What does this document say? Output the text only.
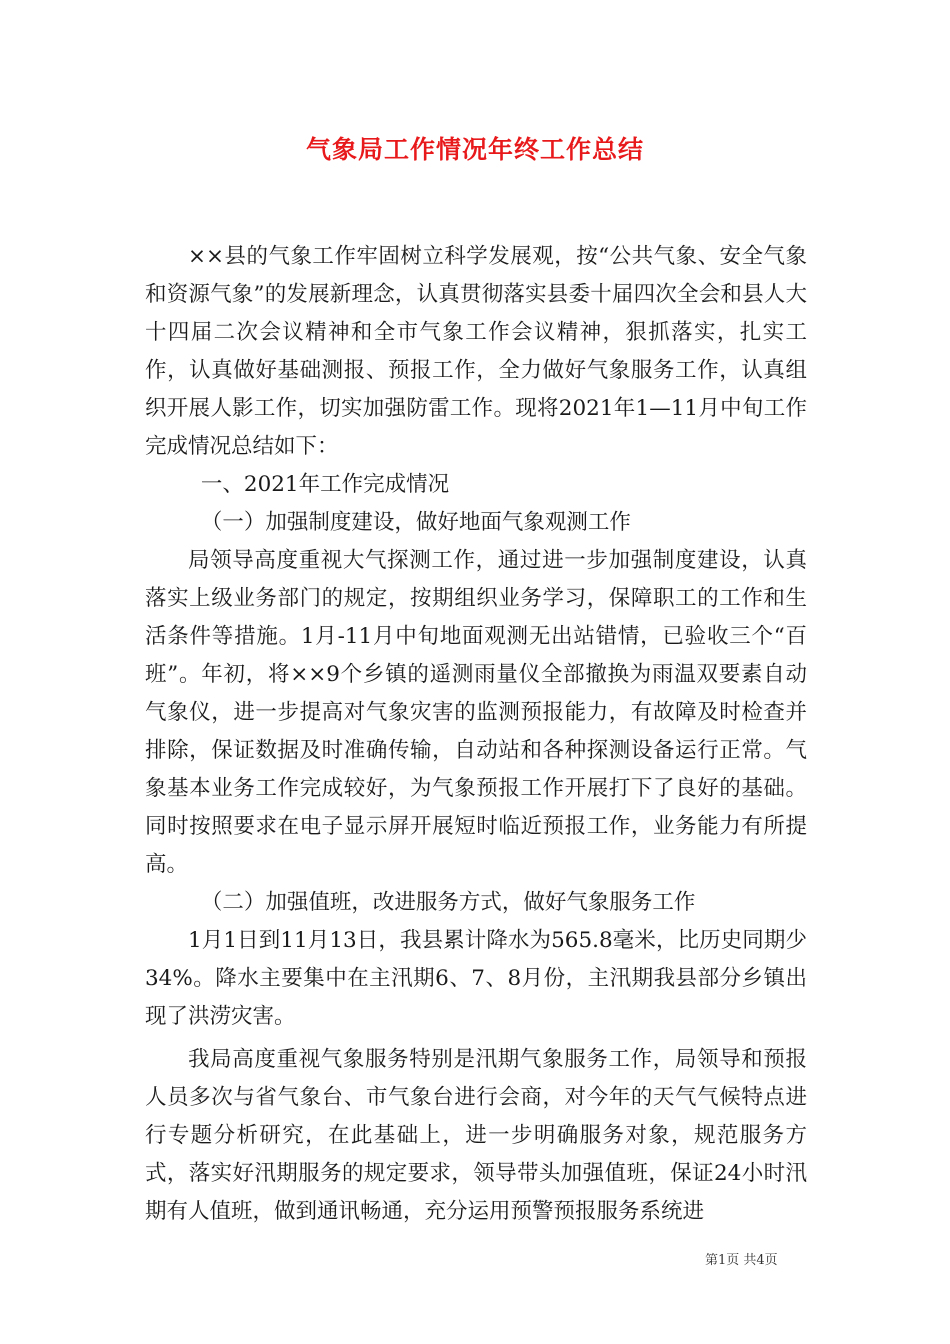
气象局工作情况年终工作总结

××县的气象工作牢固树立科学发展观，按“公共气象、安全气象和资源气象”的发展新理念，认真贯彻落实县委十届四次全会和县人大十四届二次会议精神和全市气象工作会议精神，狠抓落实，扎实工作，认真做好基础测报、预报工作，全力做好气象服务工作，认真组织开展人影工作，切实加强防雷工作。现将2021年1—11月中旬工作完成情况总结如下：

一、2021年工作完成情况

（一）加强制度建设，做好地面气象观测工作

局领导高度重视大气探测工作，通过进一步加强制度建设，认真落实上级业务部门的规定，按期组织业务学习，保障职工的工作和生活条件等措施。1月-11月中旬地面观测无出站错情，已验收三个“百班”。年初，将××9个乡镇的遥测雨量仪全部撤换为雨温双要素自动气象仪，进一步提高对气象灾害的监测预报能力，有故障及时检查并排除，保证数据及时准确传输，自动站和各种探测设备运行正常。气象基本业务工作完成较好，为气象预报工作开展打下了良好的基础。同时按照要求在电子显示屏开展短时临近预报工作，业务能力有所提高。

（二）加强值班，改进服务方式，做好气象服务工作

1月1日到11月13日，我县累计降水为565.8毫米，比历史同期少34%。降水主要集中在主汛期6、7、8月份，主汛期我县部分乡镇出现了洪涝灾害。

我局高度重视气象服务特别是汛期气象服务工作，局领导和预报人员多次与省气象台、市气象台进行会商，对今年的天气气候特点进行专题分析研究，在此基础上，进一步明确服务对象，规范服务方式，落实好汛期服务的规定要求，领导带头加强值班，保证24小时汛期有人值班，做到通讯畅通，充分运用预警预报服务系统进

第1页 共4页
